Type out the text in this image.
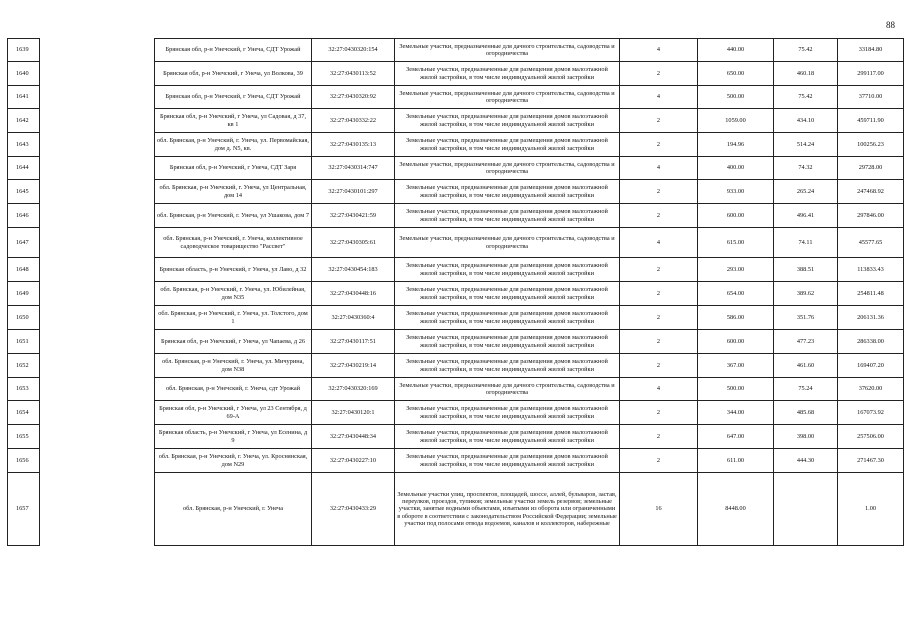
88
1639		Брянская обл, р-н Унечский, г Унеча, СДТ Урожай	32:27:0430320:154	Земельные участки, предназначенные для дачного строительства, садоводства и огородничества	4	440.00	75.42	33184.80
1640		Брянская обл, р-н Унечский, г Унеча, ул Волкова, 39	32:27:0430113:52	Земельные участки, предназначенные для размещения домов малоэтажной жилой застройки, в том числе индивидуальной жилой застройки	2	650.00	460.18	299117.00
1641		Брянская обл, р-н Унечский, г Унеча, СДТ Урожай	32:27:0430320:92	Земельные участки, предназначенные для дачного строительства, садоводства и огородничества	4	500.00	75.42	37710.00
1642		Брянская обл, р-н Унечский, г Унеча, ул Садовая, д 37, кв 1	32:27:0430332:22	Земельные участки, предназначенные для размещения домов малоэтажной жилой застройки, в том числе индивидуальной жилой застройки	2	1059.00	434.10	459711.90
1643		обл. Брянская, р-н Унечский, г. Унеча, ул. Первомайская, дом д. N5, кв.	32:27:0430135:13	Земельные участки, предназначенные для размещения домов малоэтажной жилой застройки, в том числе индивидуальной жилой застройки	2	194.96	514.24	100256.23
1644		Брянская обл, р-н Унечский, г Унеча, СДТ Заря	32:27:0430314:747	Земельные участки, предназначенные для дачного строительства, садоводства и огородничества	4	400.00	74.32	29728.00
1645		обл. Брянская, р-н Унечский, г. Унеча, ул Центральная, дом 14	32:27:0430101:297	Земельные участки, предназначенные для размещения домов малоэтажной жилой застройки, в том числе индивидуальной жилой застройки	2	933.00	265.24	247468.92
1646		обл. Брянская, р-н Унечский, г. Унеча, ул Ушакова, дом 7	32:27:0430421:59	Земельные участки, предназначенные для размещения домов малоэтажной жилой застройки, в том числе индивидуальной жилой застройки	2	600.00	496.41	297846.00
1647		обл. Брянская, р-н Унечский, г. Унеча, коллективное садоводческое товарищество "Рассвет"	32:27:0430305:61	Земельные участки, предназначенные для дачного строительства, садоводства и огородничества	4	615.00	74.11	45577.65
1648		Брянская область, р-н Унечский, г Унеча, ул Лаво, д 32	32:27:0430454:183	Земельные участки, предназначенные для размещения домов малоэтажной жилой застройки, в том числе индивидуальной жилой застройки	2	293.00	388.51	113833.43
1649		обл. Брянская, р-н Унечский, г. Унеча, ул. Юбилейная, дом N35	32:27:0430448:16	Земельные участки, предназначенные для размещения домов малоэтажной жилой застройки, в том числе индивидуальной жилой застройки	2	654.00	389.62	254811.48
1650		обл. Брянская, р-н Унечский, г. Унеча, ул. Толстого, дом 1	32:27:0430360:4	Земельные участки, предназначенные для размещения домов малоэтажной жилой застройки, в том числе индивидуальной жилой застройки	2	586.00	351.76	206131.36
1651		Брянская обл, р-н Унечский, г Унеча, ул Чапаева, д 26	32:27:0430117:51	Земельные участки, предназначенные для размещения домов малоэтажной жилой застройки, в том числе индивидуальной жилой застройки	2	600.00	477.23	286338.00
1652		обл. Брянская, р-н Унечский, г. Унеча, ул. Мичурина, дом N38	32:27:0430219:14	Земельные участки, предназначенные для размещения домов малоэтажной жилой застройки, в том числе индивидуальной жилой застройки	2	367.00	461.60	169407.20
1653		обл. Брянская, р-н Унечский, г. Унеча, сдт Урожай	32:27:0430320:169	Земельные участки, предназначенные для дачного строительства, садоводства и огородничества	4	500.00	75.24	37620.00
1654		Брянская обл, р-н Унечский, г Унеча, ул 23 Сентября, д 69-А	32:27:0430120:1	Земельные участки, предназначенные для размещения домов малоэтажной жилой застройки, в том числе индивидуальной жилой застройки	2	344.00	485.68	167073.92
1655		Брянская область, р-н Унечский, г Унеча, ул Есенина, д 9	32:27:0430448:34	Земельные участки, предназначенные для размещения домов малоэтажной жилой застройки, в том числе индивидуальной жилой застройки	2	647.00	398.00	257506.00
1656		обл. Брянская, р-н Унечский, г. Унеча, ул. Кроснянская, дом N29	32:27:0430227:10	Земельные участки, предназначенные для размещения домов малоэтажной жилой застройки, в том числе индивидуальной жилой застройки	2	611.00	444.30	271467.30
1657		обл. Брянская, р-н Унечский, г. Унеча	32:27:0430433:29	Земельные участки улиц, проспектов, площадей, шоссе, аллей, бульваров, застав, переулков, проездов, тупиков; земельные участки земель резервов; земельные участки, занятые водными объектами, изъятыми из оборота или ограниченными в обороте в соответствии с законодательством Российской Федерации; земельные участки под полосами отвода водоемов, каналов и коллекторов, набережные	16	8448.00		1.00
